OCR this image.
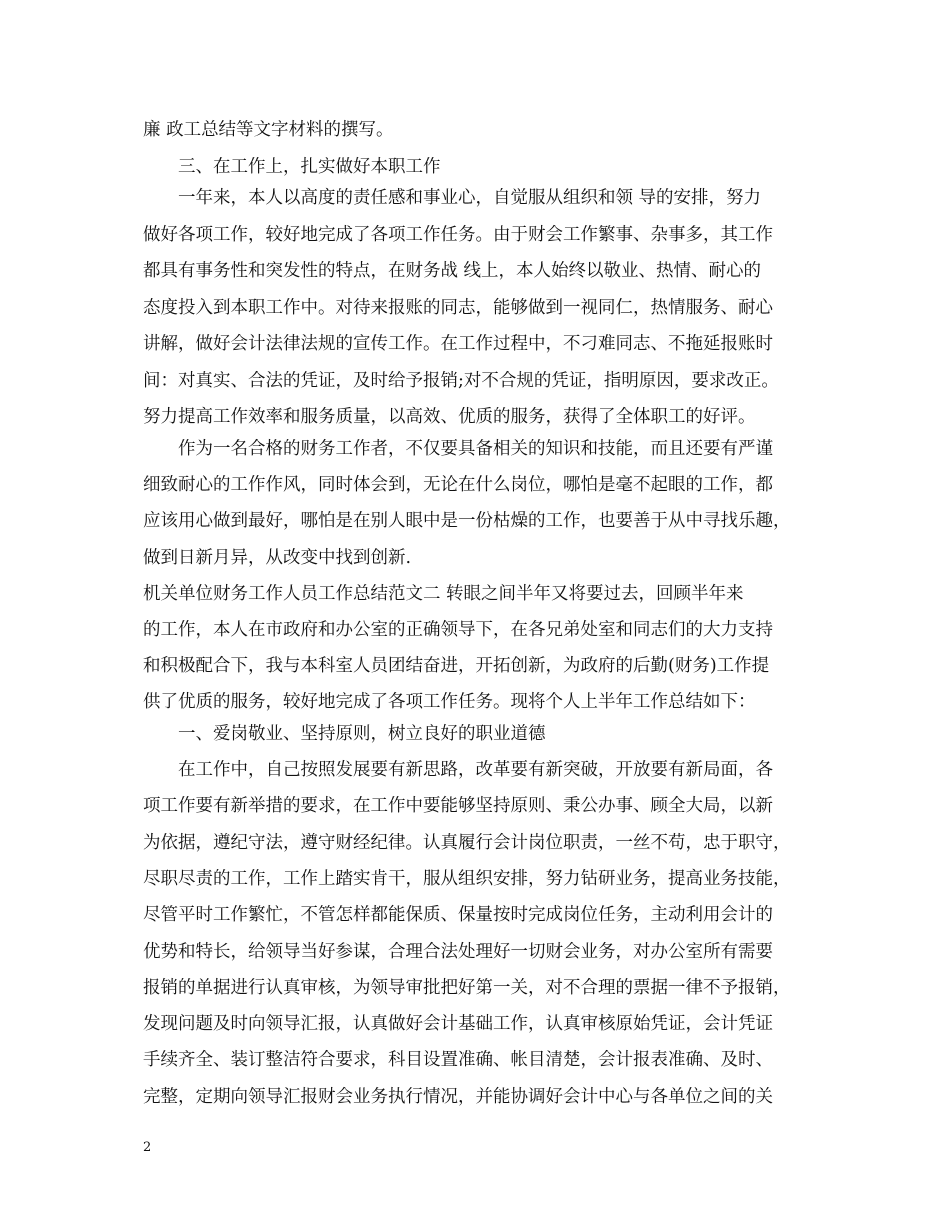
廉 政工总结等文字材料的撰写。
三、在工作上，扎实做好本职工作
一年来，本人以高度的责任感和事业心，自觉服从组织和领 导的安排，努力
做好各项工作，较好地完成了各项工作任务。由于财会工作繁事、杂事多，其工作
都具有事务性和突发性的特点，在财务战 线上，本人始终以敬业、热情、耐心的
态度投入到本职工作中。对待来报账的同志，能够做到一视同仁，热情服务、耐心
讲解，做好会计法律法规的宣传工作。在工作过程中，不刁难同志、不拖延报账时
间：对真实、合法的凭证，及时给予报销;对不合规的凭证，指明原因，要求改正。
努力提高工作效率和服务质量，以高效、优质的服务，获得了全体职工的好评。
作为一名合格的财务工作者，不仅要具备相关的知识和技能，而且还要有严谨
细致耐心的工作作风，同时体会到，无论在什么岗位，哪怕是毫不起眼的工作，都
应该用心做到最好，哪怕是在别人眼中是一份枯燥的工作，也要善于从中寻找乐趣，
做到日新月异，从改变中找到创新.
机关单位财务工作人员工作总结范文二 转眼之间半年又将要过去，回顾半年来
的工作，本人在市政府和办公室的正确领导下，在各兄弟处室和同志们的大力支持
和积极配合下，我与本科室人员团结奋进，开拓创新，为政府的后勤(财务)工作提
供了优质的服务，较好地完成了各项工作任务。现将个人上半年工作总结如下：
一、爱岗敬业、坚持原则，树立良好的职业道德
在工作中，自己按照发展要有新思路，改革要有新突破，开放要有新局面，各
项工作要有新举措的要求，在工作中要能够坚持原则、秉公办事、顾全大局，以新
为依据，遵纪守法，遵守财经纪律。认真履行会计岗位职责，一丝不苟，忠于职守，
尽职尽责的工作，工作上踏实肯干，服从组织安排，努力钻研业务，提高业务技能，
尽管平时工作繁忙，不管怎样都能保质、保量按时完成岗位任务，主动利用会计的
优势和特长，给领导当好参谋，合理合法处理好一切财会业务，对办公室所有需要
报销的单据进行认真审核，为领导审批把好第一关，对不合理的票据一律不予报销，
发现问题及时向领导汇报，认真做好会计基础工作，认真审核原始凭证，会计凭证
手续齐全、装订整洁符合要求，科目设置准确、帐目清楚，会计报表准确、及时、
完整，定期向领导汇报财会业务执行情况，并能协调好会计中心与各单位之间的关
2
